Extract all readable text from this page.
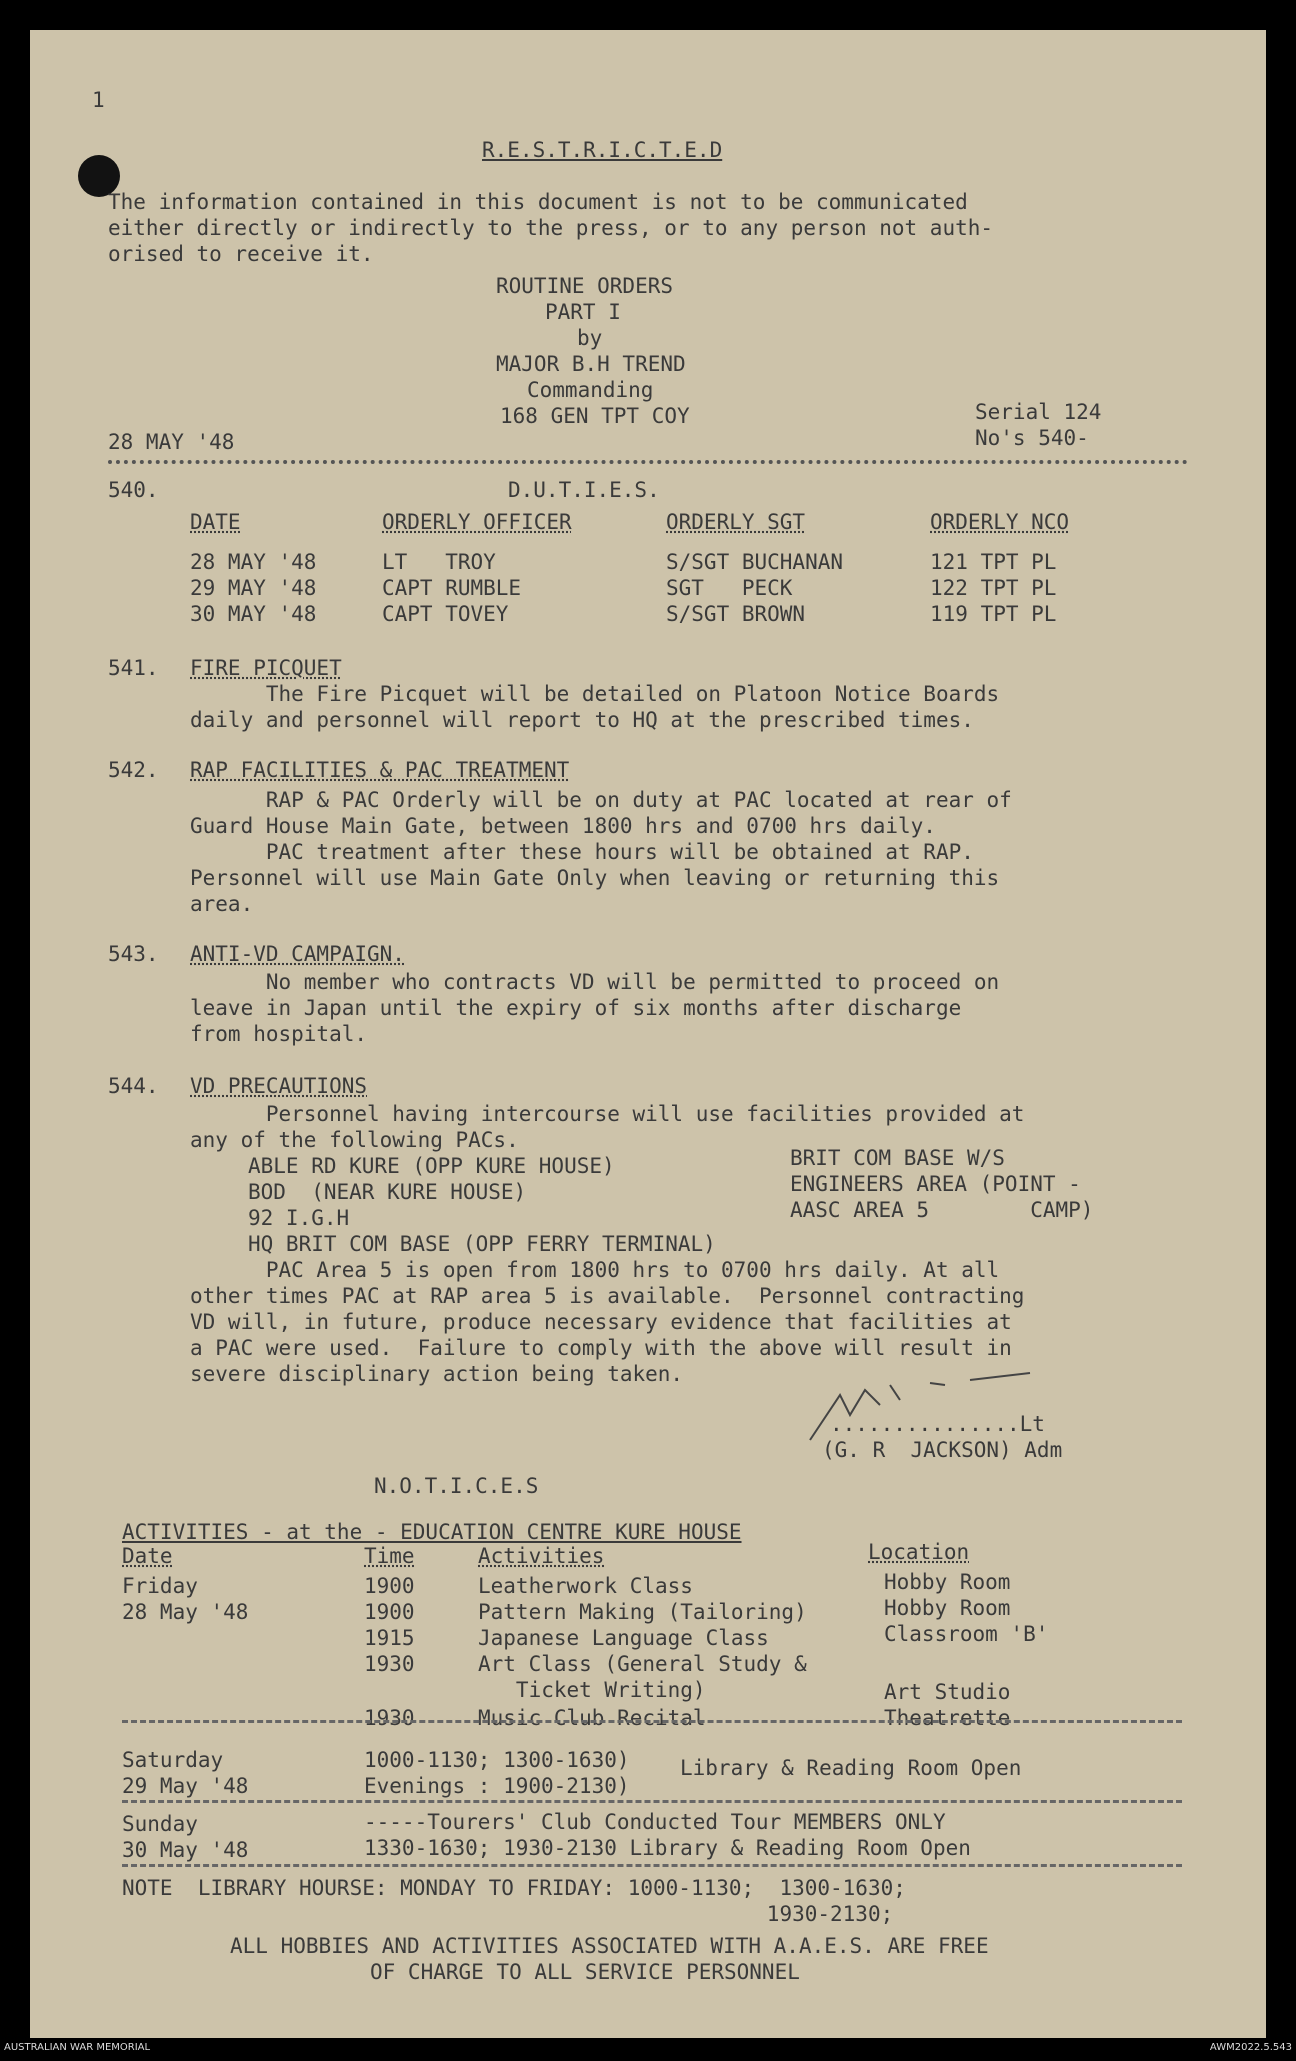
1
R.E.S.T.R.I.C.T.E.D
The information contained in this document is not to be communicated
either directly or indirectly to the press, or to any person not auth-
orised to receive it.
ROUTINE ORDERS
PART I
by
MAJOR B.H TREND
Commanding
168 GEN TPT COY
28 MAY '48
Serial 124
No's 540-
540.	D.U.T.I.E.S.
DATE	ORDERLY OFFICER	ORDERLY SGT	ORDERLY NCO
28 MAY '48	LT   TROY	S/SGT BUCHANAN	121 TPT PL
29 MAY '48	CAPT RUMBLE	SGT   PECK	122 TPT PL
30 MAY '48	CAPT TOVEY	S/SGT BROWN	119 TPT PL
541. FIRE PICQUET
The Fire Picquet will be detailed on Platoon Notice Boards
daily and personnel will report to HQ at the prescribed times.
542. RAP FACILITIES & PAC TREATMENT
RAP & PAC Orderly will be on duty at PAC located at rear of
Guard House Main Gate, between 1800 hrs and 0700 hrs daily.
PAC treatment after these hours will be obtained at RAP.
Personnel will use Main Gate Only when leaving or returning this
area.
543. ANTI-VD CAMPAIGN.
No member who contracts VD will be permitted to proceed on
leave in Japan until the expiry of six months after discharge
from hospital.
544. VD PRECAUTIONS
Personnel having intercourse will use facilities provided at
any of the following PACs.
ABLE RD KURE (OPP KURE HOUSE)
BOD  (NEAR KURE HOUSE)
92 I.G.H
HQ BRIT COM BASE (OPP FERRY TERMINAL)
BRIT COM BASE W/S
ENGINEERS AREA (POINT -
AASC AREA 5        CAMP)
PAC Area 5 is open from 1800 hrs to 0700 hrs daily. At all
other times PAC at RAP area 5 is available.  Personnel contracting
VD will, in future, produce necessary evidence that facilities at
a PAC were used.  Failure to comply with the above will result in
severe disciplinary action being taken.
...............Lt
(G. R  JACKSON) Adm
N.O.T.I.C.E.S
ACTIVITIES - at the - EDUCATION CENTRE KURE HOUSE
Date	Time	Activities	Location
Friday
28 May '48
1900	Leatherwork Class	Hobby Room
1900	Pattern Making (Tailoring)	Hobby Room
1915	Japanese Language Class	Classroom 'B'
1930	Art Class (General Study &
Ticket Writing)	Art Studio
1930	Music Club Recital	Theatrette
Saturday
29 May '48
1000-1130; 1300-1630)
Evenings : 1900-2130)
Library & Reading Room Open
Sunday
30 May '48
-----Tourers' Club Conducted Tour MEMBERS ONLY
1330-1630; 1930-2130 Library & Reading Room Open
NOTE  LIBRARY HOURSE: MONDAY TO FRIDAY: 1000-1130;  1300-1630;
1930-2130;
ALL HOBBIES AND ACTIVITIES ASSOCIATED WITH A.A.E.S. ARE FREE
OF CHARGE TO ALL SERVICE PERSONNEL
AUSTRALIAN WAR MEMORIAL	AWM2022.5.543
